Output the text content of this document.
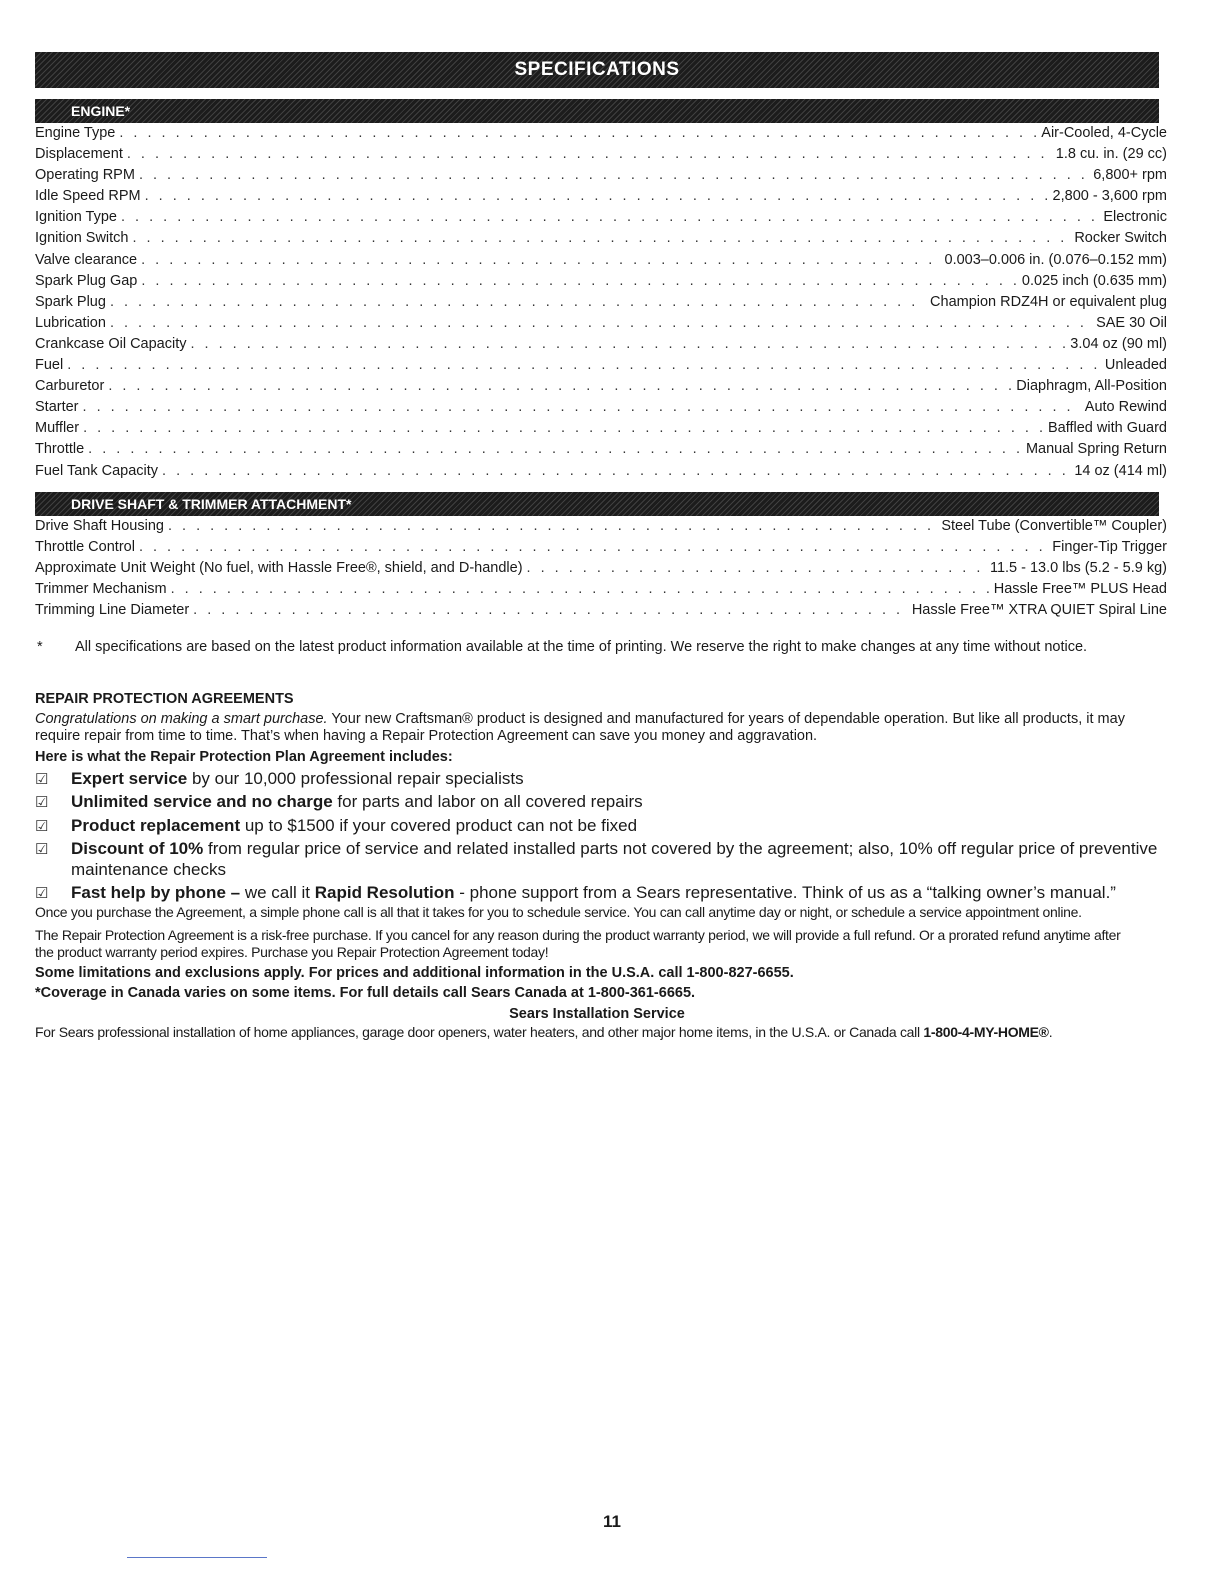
SPECIFICATIONS
ENGINE*
Engine Type . . .	Air-Cooled, 4-Cycle
Displacement . . .	1.8 cu. in. (29 cc)
Operating RPM . . .	6,800+ rpm
Idle Speed RPM . . .	2,800 - 3,600 rpm
Ignition Type . . .	Electronic
Ignition Switch . . .	Rocker Switch
Valve clearance . . .	0.003–0.006 in. (0.076–0.152 mm)
Spark Plug Gap . . .	0.025 inch (0.635 mm)
Spark Plug . . .	Champion RDZ4H or equivalent plug
Lubrication . . .	SAE 30 Oil
Crankcase Oil Capacity . . .	3.04 oz (90 ml)
Fuel . . .	Unleaded
Carburetor . . .	Diaphragm, All-Position
Starter . . .	Auto Rewind
Muffler . . .	Baffled with Guard
Throttle . . .	Manual Spring Return
Fuel Tank Capacity . . .	14 oz (414 ml)
DRIVE SHAFT & TRIMMER ATTACHMENT*
Drive Shaft Housing . . .	Steel Tube (Convertible™ Coupler)
Throttle Control . . .	Finger-Tip Trigger
Approximate Unit Weight (No fuel, with Hassle Free®, shield, and D-handle) . . .	11.5 - 13.0 lbs (5.2 - 5.9 kg)
Trimmer Mechanism . . .	Hassle Free™ PLUS Head
Trimming Line Diameter . . .	Hassle Free™ XTRA QUIET Spiral Line
*	All specifications are based on the latest product information available at the time of printing. We reserve the right to make changes at any time without notice.
REPAIR PROTECTION AGREEMENTS
Congratulations on making a smart purchase. Your new Craftsman® product is designed and manufactured for years of dependable operation. But like all products, it may require repair from time to time. That’s when having a Repair Protection Agreement can save you money and aggravation.
Here is what the Repair Protection Plan Agreement includes:
☑	Expert service by our 10,000 professional repair specialists
☑	Unlimited service and no charge for parts and labor on all covered repairs
☑	Product replacement up to $1500 if your covered product can not be fixed
☑	Discount of 10% from regular price of service and related installed parts not covered by the agreement; also, 10% off regular price of preventive maintenance checks
☑	Fast help by phone – we call it Rapid Resolution - phone support from a Sears representative. Think of us as a “talking owner’s manual.”
Once you purchase the Agreement, a simple phone call is all that it takes for you to schedule service. You can call anytime day or night, or schedule a service appointment online.
The Repair Protection Agreement is a risk-free purchase. If you cancel for any reason during the product warranty period, we will provide a full refund. Or a prorated refund anytime after the product warranty period expires. Purchase you Repair Protection Agreement today!
Some limitations and exclusions apply. For prices and additional information in the U.S.A. call 1-800-827-6655.
*Coverage in Canada varies on some items. For full details call Sears Canada at 1-800-361-6665.
Sears Installation Service
For Sears professional installation of home appliances, garage door openers, water heaters, and other major home items, in the U.S.A. or Canada call 1-800-4-MY-HOME®.
11
